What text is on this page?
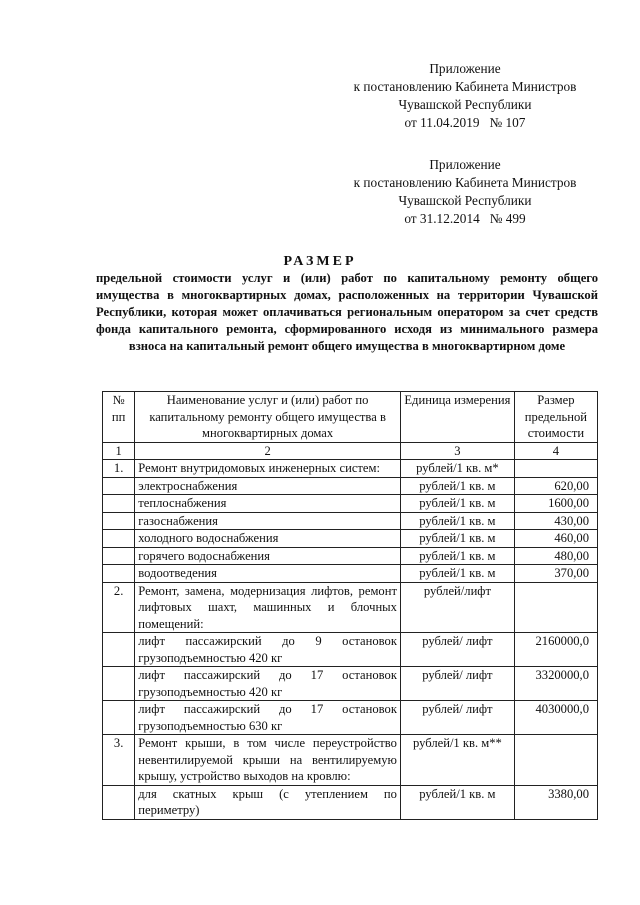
Приложение
к постановлению Кабинета Министров
Чувашской Республики
от 11.04.2019   № 107
Приложение
к постановлению Кабинета Министров
Чувашской Республики
от 31.12.2014   № 499
РАЗМЕР
предельной стоимости услуг и (или) работ по капитальному ремонту общего имущества в многоквартирных домах, расположенных на территории Чувашской Республики, которая может оплачиваться региональным оператором за счет средств фонда капитального ремонта, сформированного исходя из минимального размера взноса на капитальный ремонт общего имущества в многоквартирном доме
№ пп	Наименование услуг и (или) работ по капитальному ремонту общего имущества в многоквартирных домах	Единица измерения	Размер предельной стоимости
1	2	3	4
1.	Ремонт внутридомовых инженерных систем:	рублей/1 кв. м*	
	электроснабжения	рублей/1 кв. м	620,00
	теплоснабжения	рублей/1 кв. м	1600,00
	газоснабжения	рублей/1 кв. м	430,00
	холодного водоснабжения	рублей/1 кв. м	460,00
	горячего водоснабжения	рублей/1 кв. м	480,00
	водоотведения	рублей/1 кв. м	370,00
2.	Ремонт, замена, модернизация лифтов, ремонт лифтовых шахт, машинных и блочных помещений:	рублей/лифт	
	лифт пассажирский до 9 остановок грузоподъемностью 420 кг	рублей/ лифт	2160000,0
	лифт пассажирский до 17 остановок грузоподъемностью 420 кг	рублей/ лифт	3320000,0
	лифт пассажирский до 17 остановок грузоподъемностью 630 кг	рублей/ лифт	4030000,0
3.	Ремонт крыши, в том числе переустройство невентилируемой крыши на вентилируемую крышу, устройство выходов на кровлю:	рублей/1 кв. м**	
	для скатных крыш (с утеплением по периметру)	рублей/1 кв. м	3380,00
